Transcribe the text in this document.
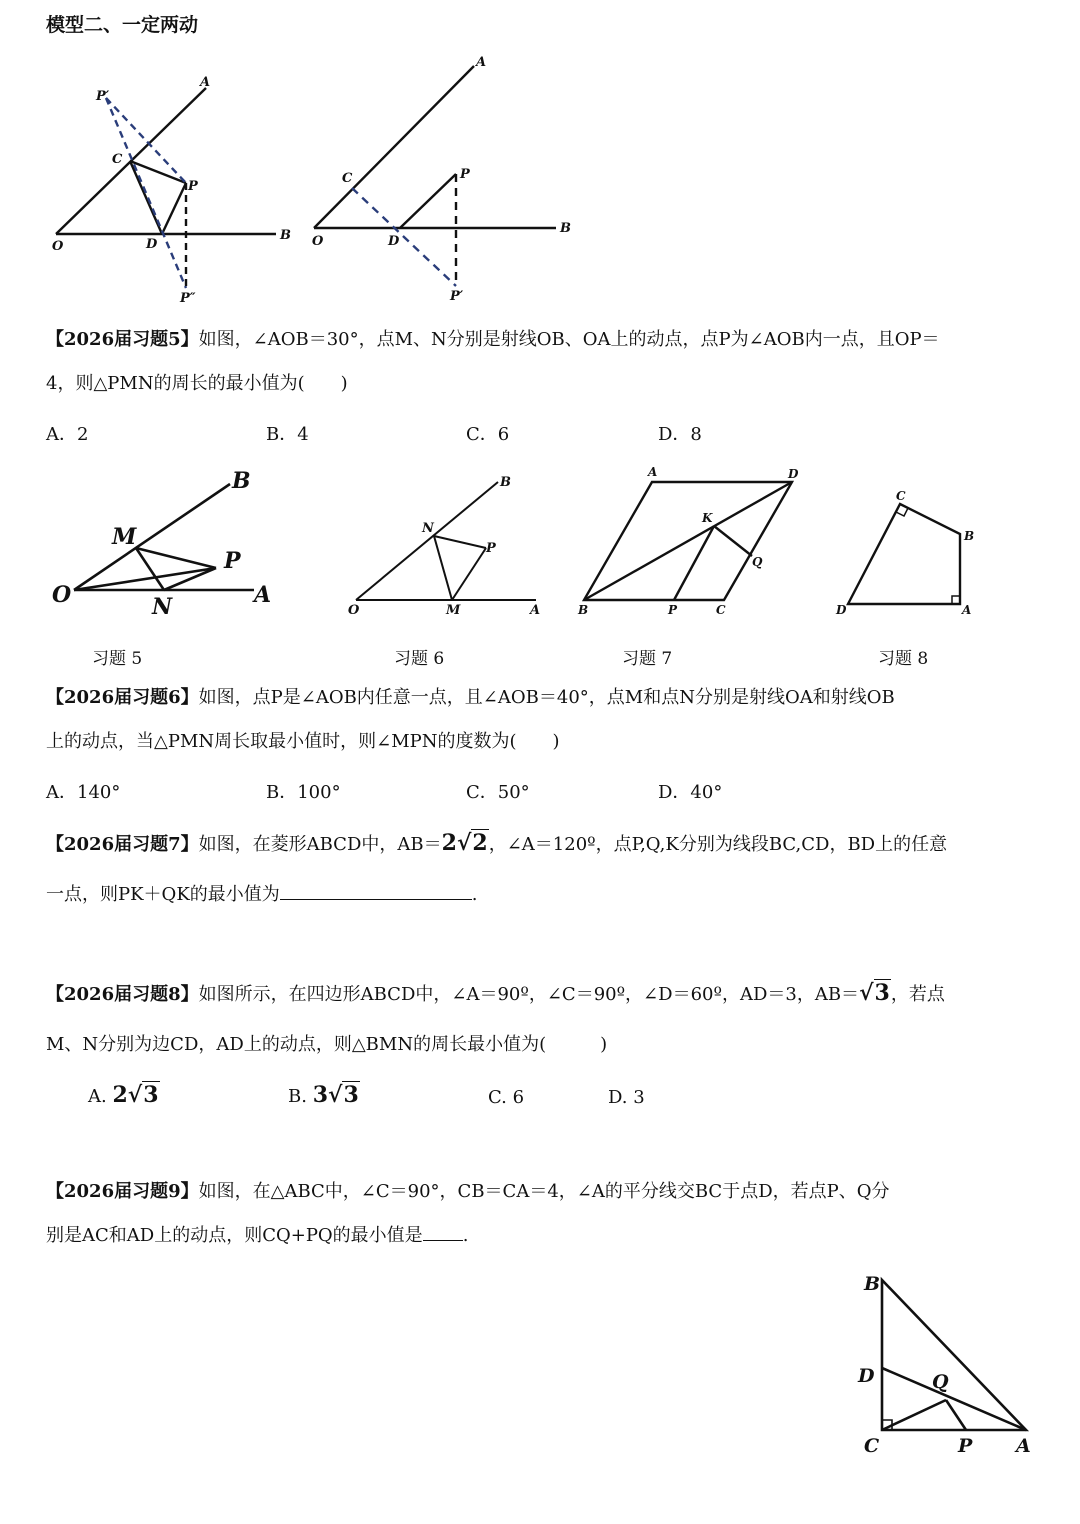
模型二、一定两动
A
P′
C
P
O	D
B
P″
A
C	P
O	D
B
P′
【2026届习题5】如图，∠AOB＝30°，点M、N分别是射线OB、OA上的动点，点P为∠AOB内一点，且OP＝
4，则△PMN的周长的最小值为(　　)
A．2	B．4	C．6	D．8
B
M
P
O	N	A
B
N
P
O	M	A
A	D
K
Q
B	P	C
C
B
D	A
习题 5	习题 6	习题 7	习题 8
【2026届习题6】如图，点P是∠AOB内任意一点，且∠AOB＝40°，点M和点N分别是射线OA和射线OB
上的动点，当△PMN周长取最小值时，则∠MPN的度数为(　　)
A．140°	B．100°	C．50°	D．40°
【2026届习题7】如图，在菱形ABCD中，AB＝2√2，∠A＝120º，点P,Q,K分别为线段BC,CD，BD上的任意
一点，则PK＋QK的最小值为	.
【2026届习题8】如图所示，在四边形ABCD中，∠A＝90º，∠C＝90º，∠D＝60º，AD＝3，AB＝√3，若点
M、N分别为边CD，AD上的动点，则△BMN的周长最小值为(　　　)
A. 2√3	B. 3√3	C. 6	D. 3
【2026届习题9】如图，在△ABC中，∠C＝90°，CB＝CA＝4，∠A的平分线交BC于点D，若点P、Q分
别是AC和AD上的动点，则CQ+PQ的最小值是 .
B
D	Q
C	P A
